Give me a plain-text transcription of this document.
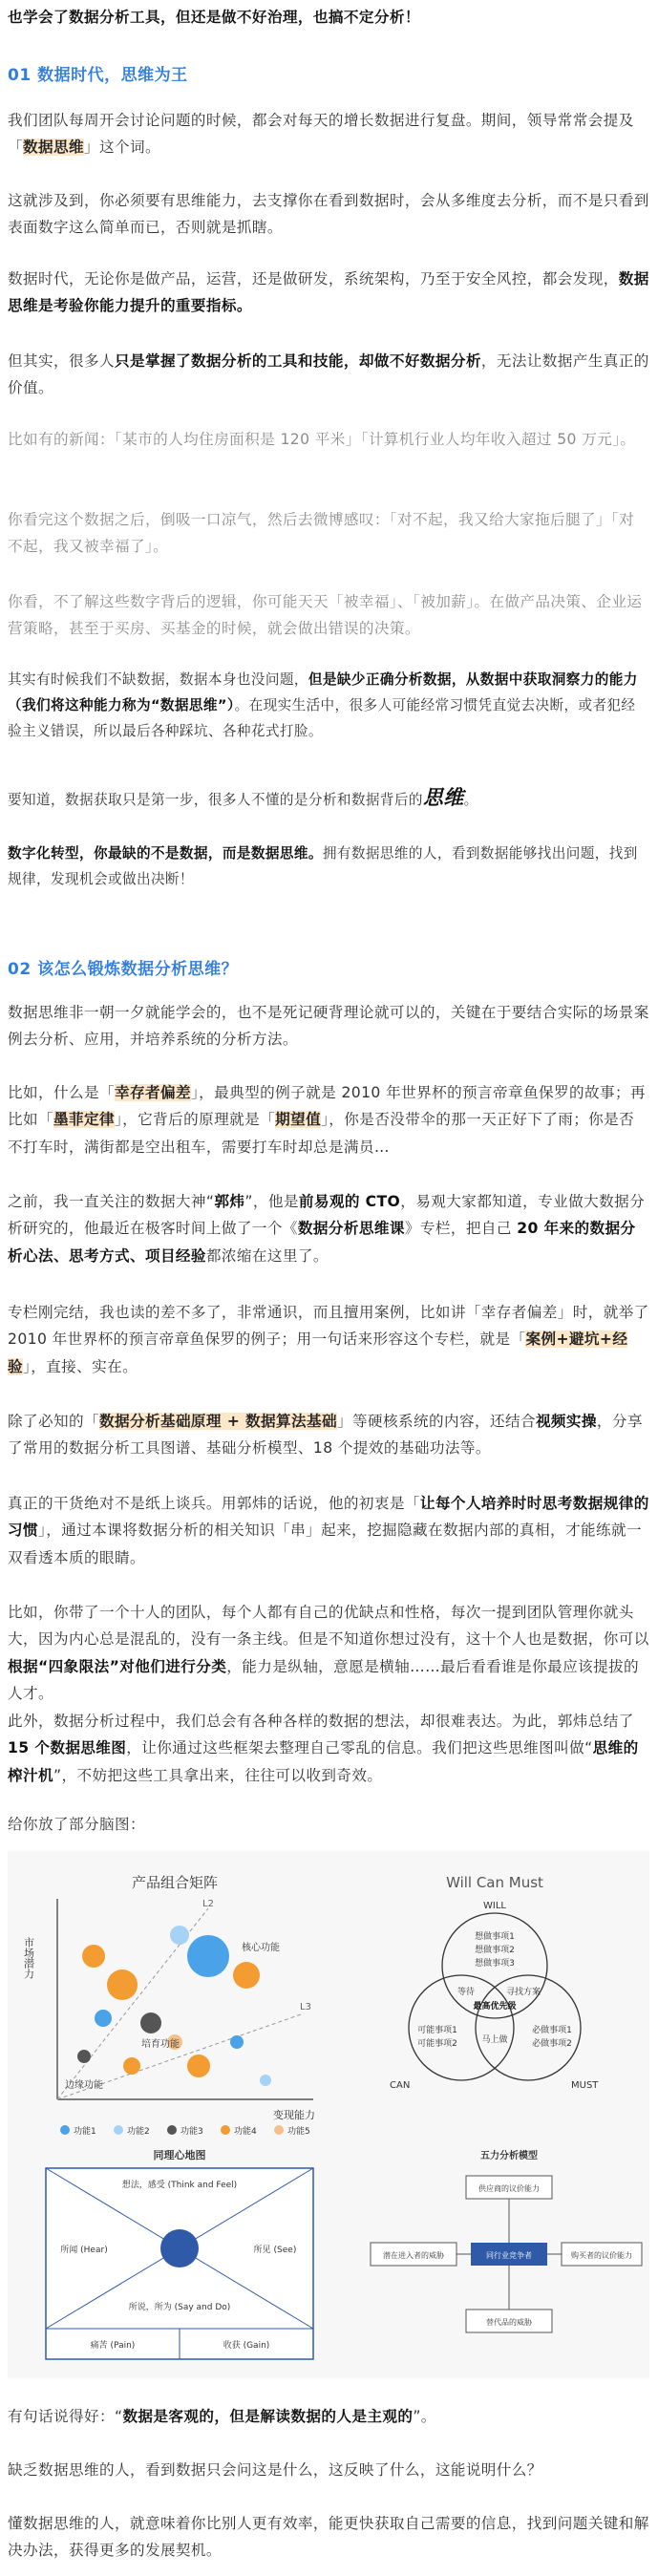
也学会了数据分析工具，但还是做不好治理，也搞不定分析！

01 数据时代，思维为王

我们团队每周开会讨论问题的时候，都会对每天的增长数据进行复盘。期间，领导常常会提及「数据思维」这个词。

这就涉及到，你必须要有思维能力，去支撑你在看到数据时，会从多维度去分析，而不是只看到表面数字这么简单而已，否则就是抓瞎。

数据时代，无论你是做产品，运营，还是做研发，系统架构，乃至于安全风控，都会发现，数据思维是考验你能力提升的重要指标。

但其实，很多人只是掌握了数据分析的工具和技能，却做不好数据分析，无法让数据产生真正的价值。

比如有的新闻：「某市的人均住房面积是 120 平米」「计算机行业人均年收入超过 50 万元」。

你看完这个数据之后，倒吸一口凉气，然后去微博感叹：「对不起，我又给大家拖后腿了」「对不起，我又被幸福了」。

你看，不了解这些数字背后的逻辑，你可能天天「被幸福」、「被加薪」。在做产品决策、企业运营策略，甚至于买房、买基金的时候，就会做出错误的决策。

其实有时候我们不缺数据，数据本身也没问题，但是缺少正确分析数据，从数据中获取洞察力的能力（我们将这种能力称为“数据思维”）。在现实生活中，很多人可能经常习惯凭直觉去决断，或者犯经验主义错误，所以最后各种踩坑、各种花式打脸。

要知道，数据获取只是第一步，很多人不懂的是分析和数据背后的思维。

数字化转型，你最缺的不是数据，而是数据思维。拥有数据思维的人，看到数据能够找出问题，找到规律，发现机会或做出决断！

02 该怎么锻炼数据分析思维？

数据思维非一朝一夕就能学会的，也不是死记硬背理论就可以的，关键在于要结合实际的场景案例去分析、应用，并培养系统的分析方法。

比如，什么是「幸存者偏差」，最典型的例子就是 2010 年世界杯的预言帝章鱼保罗的故事；再比如「墨菲定律」，它背后的原理就是「期望值」，你是否没带伞的那一天正好下了雨；你是否不打车时，满街都是空出租车，需要打车时却总是满员…

之前，我一直关注的数据大神“郭炜”，他是前易观的 CTO，易观大家都知道，专业做大数据分析研究的，他最近在极客时间上做了一个《数据分析思维课》专栏，把自己 20 年来的数据分析心法、思考方式、项目经验都浓缩在这里了。

专栏刚完结，我也读的差不多了，非常通识，而且擅用案例，比如讲「幸存者偏差」时，就举了 2010 年世界杯的预言帝章鱼保罗的例子；用一句话来形容这个专栏，就是「案例+避坑+经验」，直接、实在。

除了必知的「数据分析基础原理 + 数据算法基础」等硬核系统的内容，还结合视频实操，分享了常用的数据分析工具图谱、基础分析模型、18 个提效的基础功法等。

真正的干货绝对不是纸上谈兵。用郭炜的话说，他的初衷是「让每个人培养时时思考数据规律的习惯」，通过本课将数据分析的相关知识「串」起来，挖掘隐藏在数据内部的真相，才能练就一双看透本质的眼睛。

比如，你带了一个十人的团队，每个人都有自己的优缺点和性格，每次一提到团队管理你就头大，因为内心总是混乱的，没有一条主线。但是不知道你想过没有，这十个人也是数据，你可以根据“四象限法”对他们进行分类，能力是纵轴，意愿是横轴……最后看看谁是你最应该提拔的人才。

此外，数据分析过程中，我们总会有各种各样的数据的想法，却很难表达。为此，郭炜总结了 15 个数据思维图，让你通过这些框架去整理自己零乱的信息。我们把这些思维图叫做“思维的榨汁机”，不妨把这些工具拿出来，往往可以收到奇效。

给你放了部分脑图：

产品组合矩阵
市场潜力
变现能力
L2
L3
核心功能
培育功能
边缘功能
功能1	功能2	功能3	功能4	功能5
Will Can Must
WILL
想做事项1
想做事项2
想做事项3
等待	寻找方案
最高优先级
可能事项1
可能事项2	马上做
必做事项1
必做事项2
CAN	MUST
同理心地图
想法，感受 (Think and Feel)
所闻 (Hear)	所见 (See)
所说，所为 (Say and Do)
痛苦 (Pain)	收获 (Gain)
五力分析模型
供应商的议价能力
潜在进入者的威胁	同行业竞争者	购买者的议价能力
替代品的威胁

有句话说得好：“数据是客观的，但是解读数据的人是主观的”。

缺乏数据思维的人，看到数据只会问这是什么，这反映了什么，这能说明什么？

懂数据思维的人，就意味着你比别人更有效率，能更快获取自己需要的信息，找到问题关键和解决办法，获得更多的发展契机。
